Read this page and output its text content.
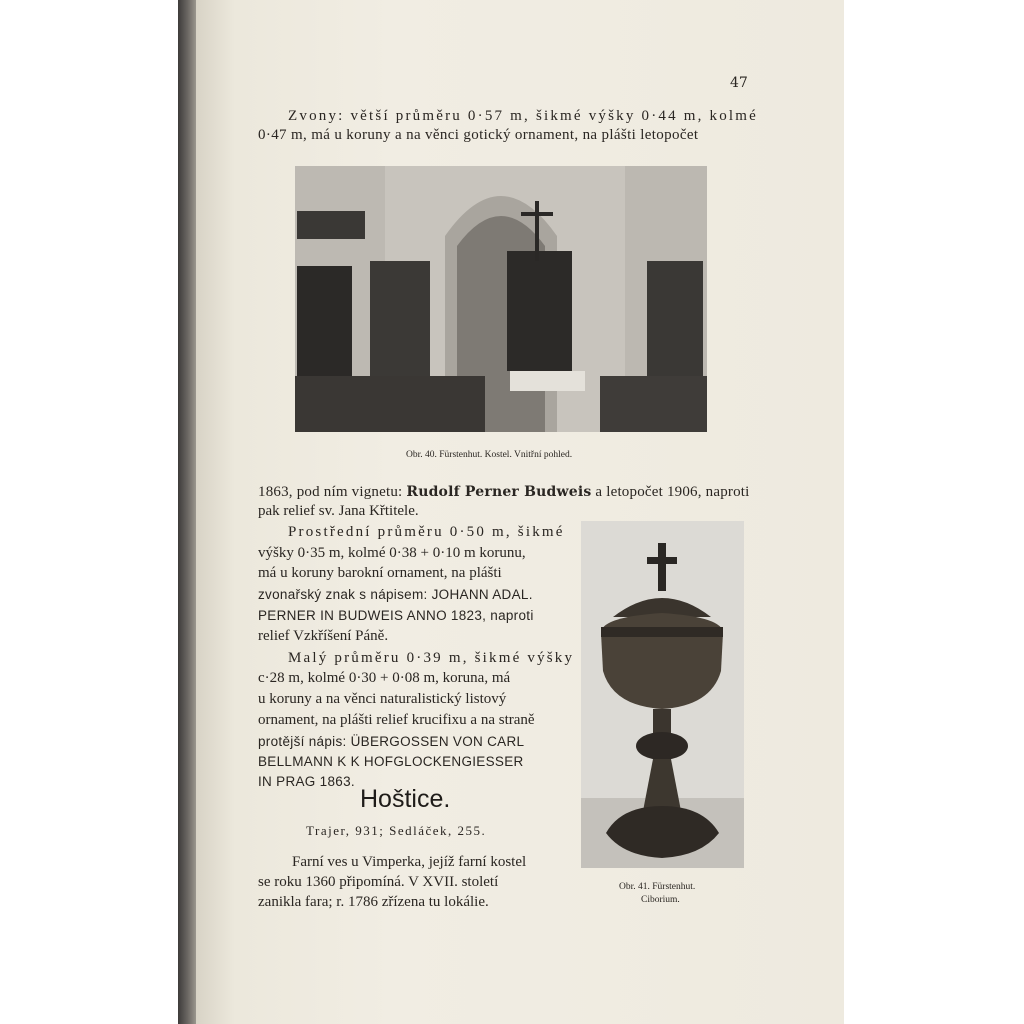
47
Zvony: větší průměru 0·57 m, šikmé výšky 0·44 m, kolmé
0·47 m, má u koruny a na věnci gotický ornament, na plášti letopočet
Obr. 40. Fürstenhut. Kostel. Vnitřní pohled.
1863, pod ním vignetu: Rudolf Perner Budweis a letopočet 1906, naproti
pak relief sv. Jana Křtitele.
Prostřední průměru 0·50 m, šikmé
výšky 0·35 m, kolmé 0·38 + 0·10 m korunu,
má u koruny barokní ornament, na plášti
zvonařský znak s nápisem: JOHANN ADAL.
PERNER IN BUDWEIS ANNO 1823, naproti
relief Vzkříšení Páně.
Malý průměru 0·39 m, šikmé výšky
c·28 m, kolmé 0·30 + 0·08 m, koruna, má
u koruny a na věnci naturalistický listový
ornament, na plášti relief krucifixu a na straně
protější nápis: ÜBERGOSSEN VON CARL
BELLMANN K K HOFGLOCKENGIESSER
IN PRAG 1863.
Hoštice.
Trajer, 931; Sedláček, 255.
Farní ves u Vimperka, jejíž farní kostel
se roku 1360 připomíná. V XVII. století
zanikla fara; r. 1786 zřízena tu lokálie.
Obr. 41. Fürstenhut.
Ciborium.
